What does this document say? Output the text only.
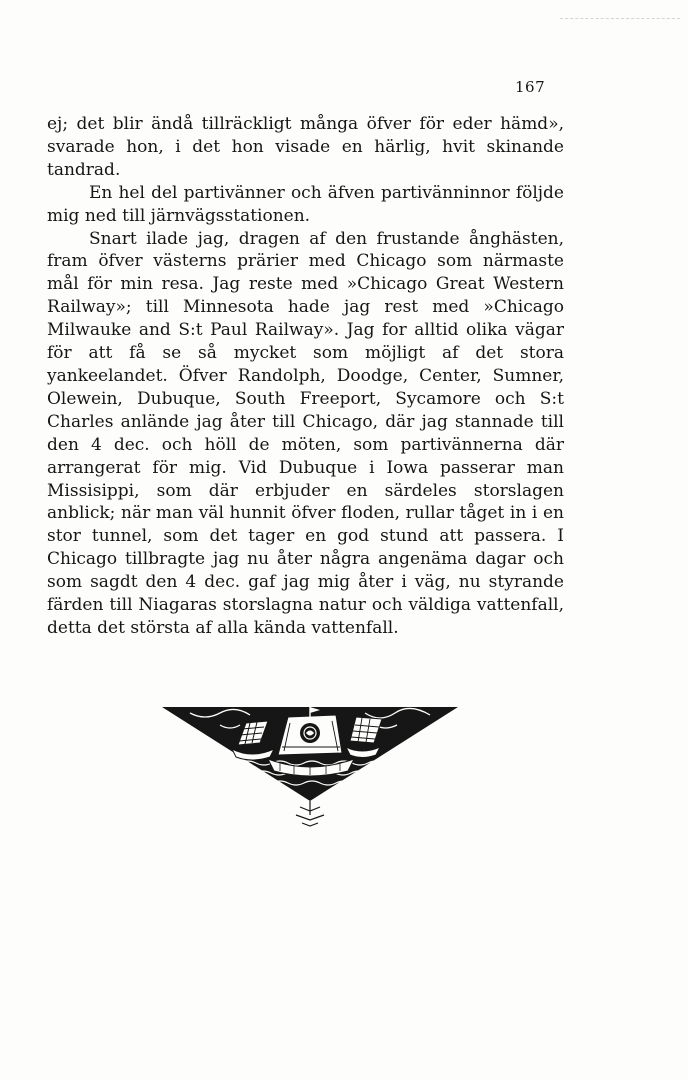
167

ej; det blir ändå tillräckligt många öfver för eder hämd», svarade hon, i det hon visade en härlig, hvit skinande tandrad.

En hel del partivänner och äfven partivänninnor följde mig ned till järnvägsstationen.

Snart ilade jag, dragen af den frustande ånghästen, fram öfver västerns prärier med Chicago som närmaste mål för min resa. Jag reste med »Chicago Great Western Railway»; till Minnesota hade jag rest med »Chicago Milwauke and S:t Paul Railway». Jag for alltid olika vägar för att få se så mycket som möjligt af det stora yankeelandet. Öfver Randolph, Doodge, Center, Sumner, Olewein, Dubuque, South Freeport, Sycamore och S:t Charles anlände jag åter till Chicago, där jag stannade till den 4 dec. och höll de möten, som partivännerna där arrangerat för mig. Vid Dubuque i Iowa passerar man Missisippi, som där erbjuder en särdeles storslagen anblick; när man väl hunnit öfver floden, rullar tåget in i en stor tunnel, som det tager en god stund att passera. I Chicago tillbragte jag nu åter några angenäma dagar och som sagdt den 4 dec. gaf jag mig åter i väg, nu styrande färden till Niagaras storslagna natur och väldiga vattenfall, detta det största af alla kända vattenfall.
